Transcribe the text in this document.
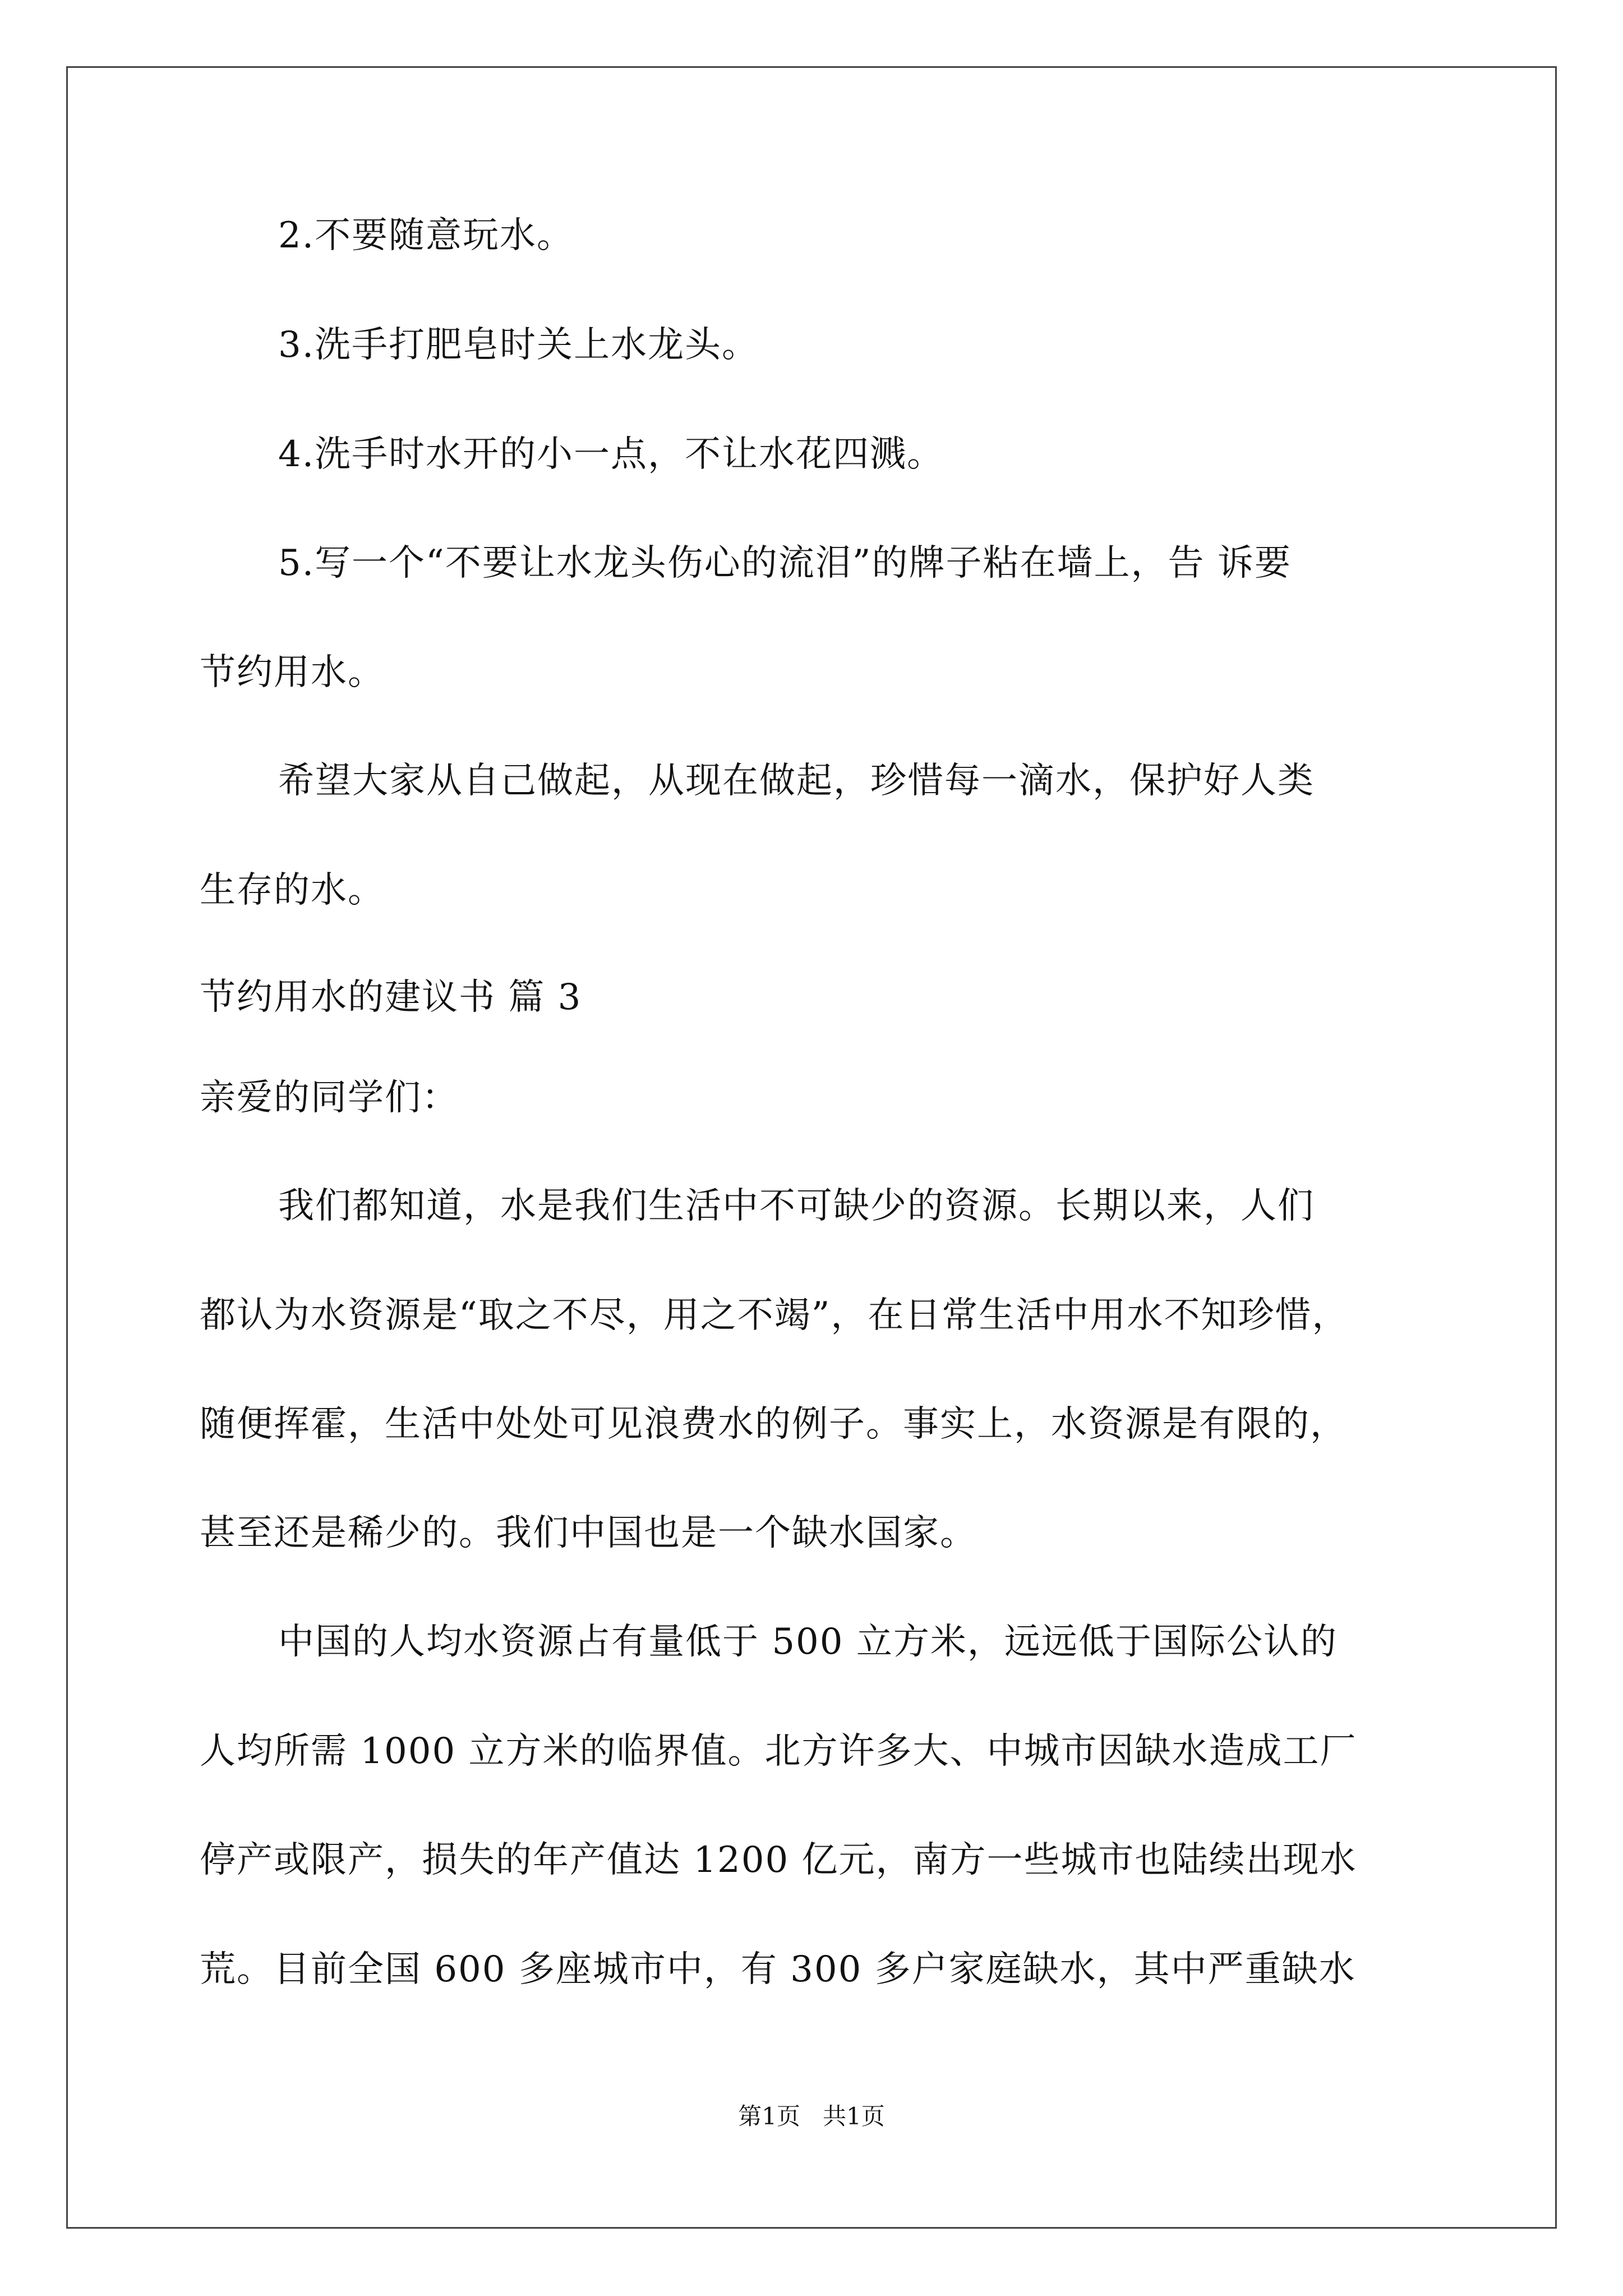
2.不要随意玩水。
3.洗手打肥皂时关上水龙头。
4.洗手时水开的小一点，不让水花四溅。
5.写一个“不要让水龙头伤心的流泪”的牌子粘在墙上，告 诉要
节约用水。
希望大家从自己做起，从现在做起，珍惜每一滴水，保护好人类
生存的水。
节约用水的建议书 篇 3
亲爱的同学们：
我们都知道，水是我们生活中不可缺少的资源。长期以来，人们
都认为水资源是“取之不尽，用之不竭”，在日常生活中用水不知珍惜，
随便挥霍，生活中处处可见浪费水的例子。事实上，水资源是有限的，
甚至还是稀少的。我们中国也是一个缺水国家。
中国的人均水资源占有量低于 500 立方米，远远低于国际公认的
人均所需 1000 立方米的临界值。北方许多大、中城市因缺水造成工厂
停产或限产，损失的年产值达 1200 亿元，南方一些城市也陆续出现水
荒。目前全国 600 多座城市中，有 300 多户家庭缺水，其中严重缺水
第1页   共1页
